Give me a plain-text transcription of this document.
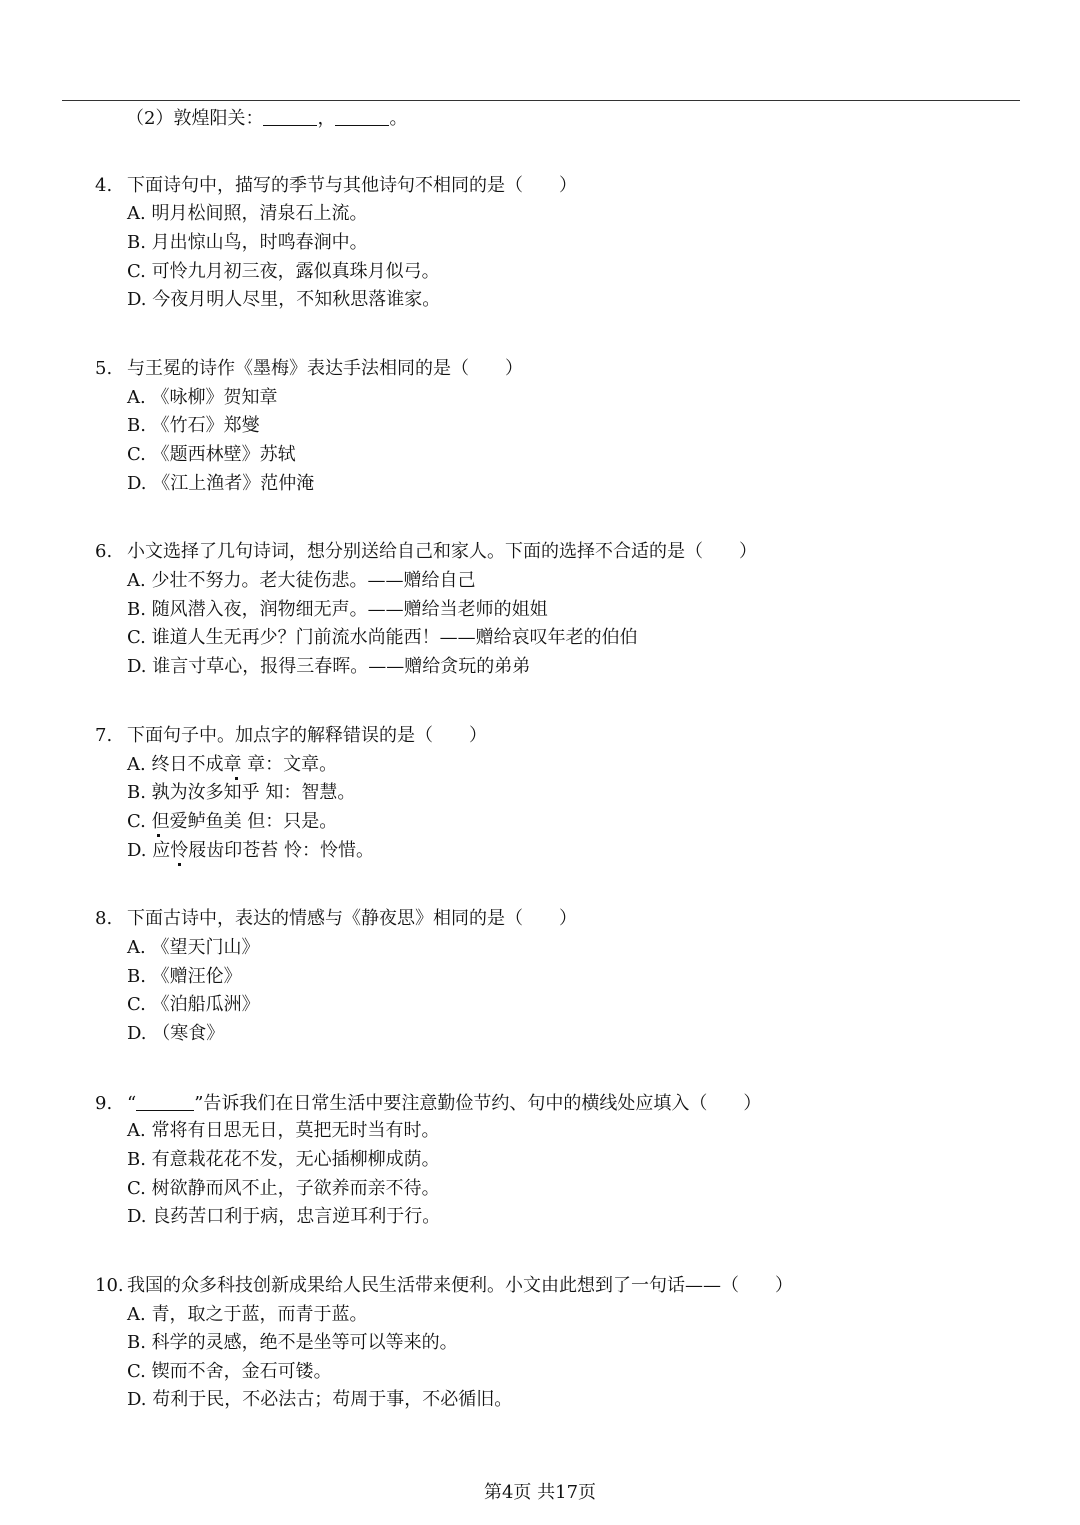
（2）敦煌阳关：	，	。
4. 下面诗句中，描写的季节与其他诗句不相同的是（　　）
A. 明月松间照，清泉石上流。
B. 月出惊山鸟，时鸣春涧中。
C. 可怜九月初三夜，露似真珠月似弓。
D. 今夜月明人尽里，不知秋思落谁家。
5. 与王冕的诗作《墨梅》表达手法相同的是（　　）
A. 《咏柳》贺知章
B. 《竹石》郑燮
C. 《题西林壁》苏轼
D. 《江上渔者》范仲淹
6. 小文选择了几句诗词，想分别送给自己和家人。下面的选择不合适的是（　　）
A. 少壮不努力。老大徒伤悲。——赠给自己
B. 随风潜入夜，润物细无声。——赠给当老师的姐姐
C. 谁道人生无再少？门前流水尚能西！——赠给哀叹年老的伯伯
D. 谁言寸草心，报得三春晖。——赠给贪玩的弟弟
7. 下面句子中。加点字的解释错误的是（　　）
A. 终日不成章 章：文章。
B. 孰为汝多知乎 知：智慧。
C. 但爱鲈鱼美 但：只是。
D. 应怜屐齿印苍苔 怜：怜惜。
8. 下面古诗中，表达的情感与《静夜思》相同的是（　　）
A. 《望天门山》
B. 《赠汪伦》
C. 《泊船瓜洲》
D. （寒食》
9. “	”告诉我们在日常生活中要注意勤俭节约、句中的横线处应填入（　　）
A. 常将有日思无日，莫把无时当有时。
B. 有意栽花花不发，无心插柳柳成荫。
C. 树欲静而风不止，子欲养而亲不待。
D. 良药苦口利于病，忠言逆耳利于行。
10. 我国的众多科技创新成果给人民生活带来便利。小文由此想到了一句话——（　　）
A. 青，取之于蓝，而青于蓝。
B. 科学的灵感，绝不是坐等可以等来的。
C. 锲而不舍，金石可镂。
D. 苟利于民，不必法古；苟周于事，不必循旧。
第4页 共17页
